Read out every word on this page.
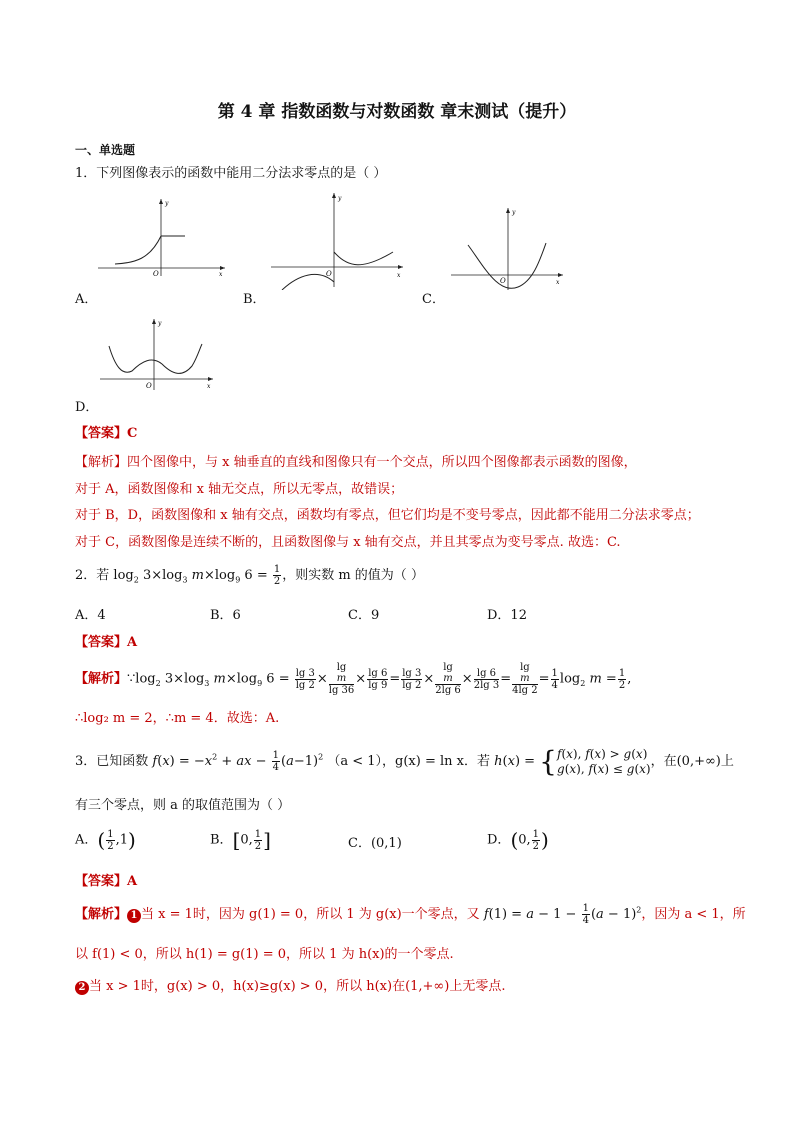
第 4 章 指数函数与对数函数 章末测试（提升）
一、单选题
1．下列图像表示的函数中能用二分法求零点的是（ ）
y
O	x
A．
y
O	x
B．
y
O	x
C．
y
O	x
D．
【答案】C
【解析】四个图像中，与 x 轴垂直的直线和图像只有一个交点，所以四个图像都表示函数的图像，
对于 A，函数图像和 x 轴无交点，所以无零点，故错误；
对于 B，D，函数图像和 x 轴有交点，函数均有零点，但它们均是不变号零点，因此都不能用二分法求零点；
对于 C，函数图像是连续不断的，且函数图像与 x 轴有交点，并且其零点为变号零点. 故选：C.
2．若 $\log_2 3\times\log_3$ $m\times\log_9$ $6 = \frac{1}{2}$ ，则实数 m 的值为（ ）
A．4	B．6	C．9	D．12
【答案】A
【解析】$\because\log_2$ $3\times\log_3$ $m\times\log_9$ $6 = \frac{\lg 3}{\lg 2} \times \lg$
m
$\lg 36 \times \frac{\lg 6}{\lg 9} = \frac{\lg 3}{\lg 2} \times \lg$
m
2lg $6 \times \frac{\lg 6}{2\lg 3} = \lg$
m
4lg $2 = \frac{1}{4} \log_2 m = \frac{1}{2}$ ,
∴log₂ m = 2，∴m = 4．故选：A.
3．已知函数 $f(x) = -x^2$ + ax − $\frac{1}{4} (a-1)^2$ （a < 1），g(x) = ln x．若 h(x) = {f(x), f(x) > g(x)
g(x), f(x) ≤ g(x)，在(0,+∞)上
有三个零点，则 a 的取值范围为（ ）
A．( $\frac{1}{2} ,1$)	B．[0, $\frac{1}{2}$ ]	C．(0,1)	D．(0, $\frac{1}{2}$ )
【答案】A
【解析】 1 当 x = 1时，因为 g(1) = 0，所以 1 为 g(x)一个零点，又 $f(1) = a - 1 - \frac{1}{4} (a - 1)^2$，因为 a < 1，所
以 f(1) < 0，所以 h(1) = g(1) = 0，所以 1 为 h(x)的一个零点.
2 当 x > 1时，g(x) > 0，h(x)≥g(x) > 0，所以 h(x)在(1,+∞)上无零点.
